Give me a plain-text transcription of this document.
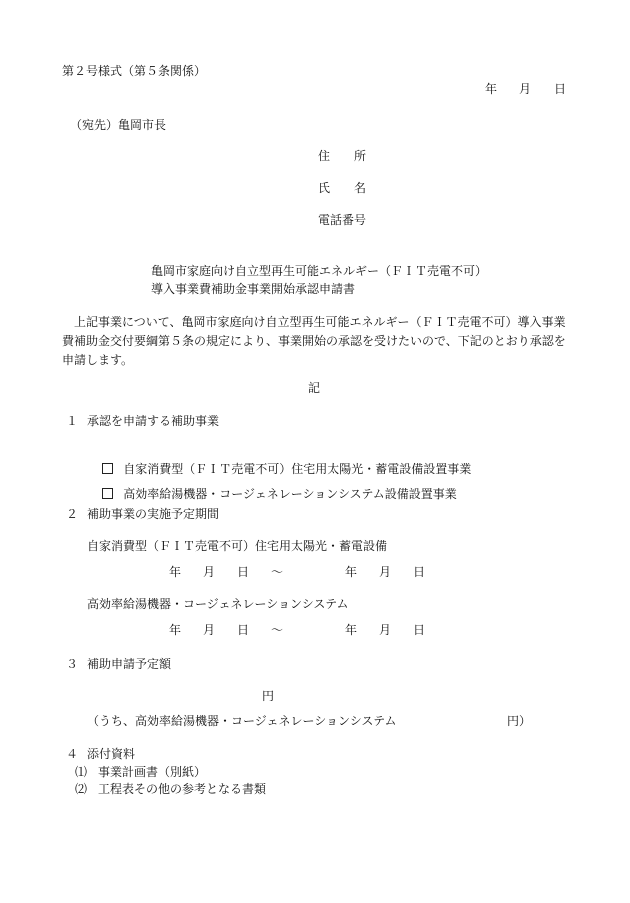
第２号様式（第５条関係）
年 月 日
（宛先）亀岡市長
住　　所
氏　　名
電話番号
亀岡市家庭向け自立型再生可能エネルギー（ＦＩＴ売電不可）
導入事業費補助金事業開始承認申請書
上記事業について、亀岡市家庭向け自立型再生可能エネルギー（ＦＩＴ売電不可）導入事業費補助金交付要綱第５条の規定により、事業開始の承認を受けたいので、下記のとおり承認を申請します。
記
１ 承認を申請する補助事業

自家消費型（ＦＩＴ売電不可）住宅用太陽光・蓄電設備設置事業

高効率給湯機器・コージェネレーションシステム設備設置事業

２ 補助事業の実施予定期間
自家消費型（ＦＩＴ売電不可）住宅用太陽光・蓄電設備
年 月 日 ～	年 月 日
高効率給湯機器・コージェネレーションシステム
年 月 日 ～	年 月 日
３ 補助申請予定額
円
（うち、高効率給湯機器・コージェネレーションシステム	円）
４ 添付資料
⑴ 事業計画書（別紙）
⑵ 工程表その他の参考となる書類
